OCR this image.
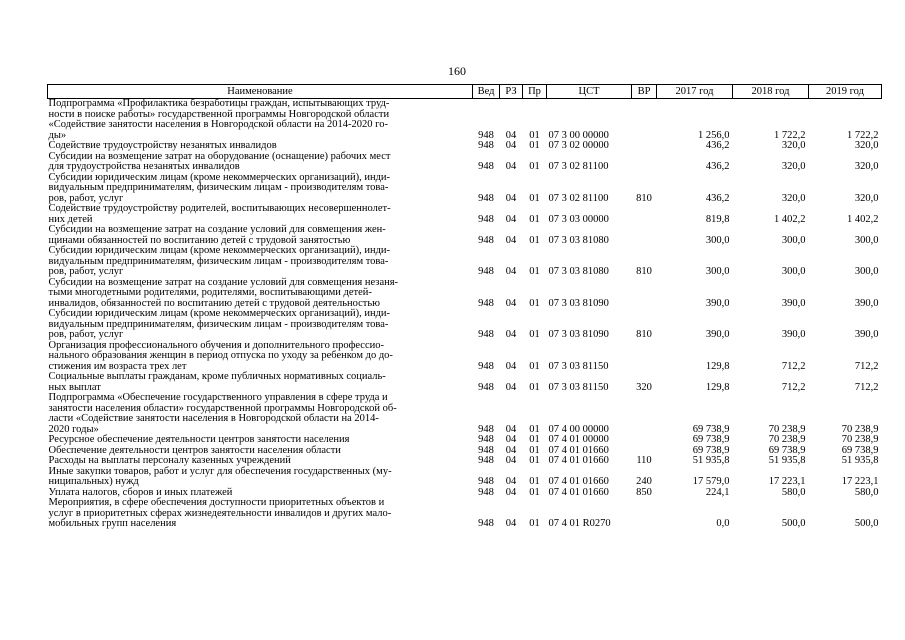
160
Наименование	Вед	РЗ	Пр	ЦСТ	ВР	2017 год	2018 год	2019 год
Подпрограмма «Профилактика безработицы граждан, испытывающих труд-
ности в поиске работы» государственной программы Новгородской области
«Содействие занятости населения в Новгородской области на 2014-2020 го-
ды»	948	04	01	07 3 00 00000		1 256,0	1 722,2	1 722,2
Содействие трудоустройству незанятых инвалидов	948	04	01	07 3 02 00000		436,2	320,0	320,0
Субсидии на возмещение затрат на оборудование (оснащение) рабочих мест
для трудоустройства незанятых инвалидов	948	04	01	07 3 02 81100		436,2	320,0	320,0
Субсидии юридическим лицам (кроме некоммерческих организаций), инди-
видуальным предпринимателям, физическим лицам - производителям това-
ров, работ, услуг	948	04	01	07 3 02 81100	810	436,2	320,0	320,0
Содействие трудоустройству родителей, воспитывающих несовершеннолет-
них детей	948	04	01	07 3 03 00000		819,8	1 402,2	1 402,2
Субсидии на возмещение затрат на создание условий для совмещения жен-
щинами обязанностей по воспитанию детей с трудовой занятостью	948	04	01	07 3 03 81080		300,0	300,0	300,0
Субсидии юридическим лицам (кроме некоммерческих организаций), инди-
видуальным предпринимателям, физическим лицам - производителям това-
ров, работ, услуг	948	04	01	07 3 03 81080	810	300,0	300,0	300,0
Субсидии на возмещение затрат на создание условий для совмещения незаня-
тыми многодетными родителями, родителями, воспитывающими детей-
инвалидов, обязанностей по воспитанию детей с трудовой деятельностью	948	04	01	07 3 03 81090		390,0	390,0	390,0
Субсидии юридическим лицам (кроме некоммерческих организаций), инди-
видуальным предпринимателям, физическим лицам - производителям това-
ров, работ, услуг	948	04	01	07 3 03 81090	810	390,0	390,0	390,0
Организация профессионального обучения и дополнительного профессио-
нального образования женщин в период отпуска по уходу за ребенком до до-
стижения им возраста трех лет	948	04	01	07 3 03 81150		129,8	712,2	712,2
Социальные выплаты гражданам, кроме публичных нормативных социаль-
ных выплат	948	04	01	07 3 03 81150	320	129,8	712,2	712,2
Подпрограмма «Обеспечение государственного управления в сфере труда и
занятости населения области» государственной программы Новгородской об-
ласти «Содействие занятости населения в Новгородской области на 2014-
2020 годы»	948	04	01	07 4 00 00000		69 738,9	70 238,9	70 238,9
Ресурсное обеспечение деятельности центров занятости населения	948	04	01	07 4 01 00000		69 738,9	70 238,9	70 238,9
Обеспечение деятельности центров занятости населения области	948	04	01	07 4 01 01660		69 738,9	69 738,9	69 738,9
Расходы на выплаты персоналу казенных учреждений	948	04	01	07 4 01 01660	110	51 935,8	51 935,8	51 935,8
Иные закупки товаров, работ и услуг для обеспечения государственных (му-
ниципальных) нужд	948	04	01	07 4 01 01660	240	17 579,0	17 223,1	17 223,1
Уплата налогов, сборов и иных платежей	948	04	01	07 4 01 01660	850	224,1	580,0	580,0
Мероприятия, в сфере обеспечения доступности приоритетных объектов и
услуг в приоритетных сферах жизнедеятельности инвалидов и других мало-
мобильных групп населения	948	04	01	07 4 01 R0270		0,0	500,0	500,0
